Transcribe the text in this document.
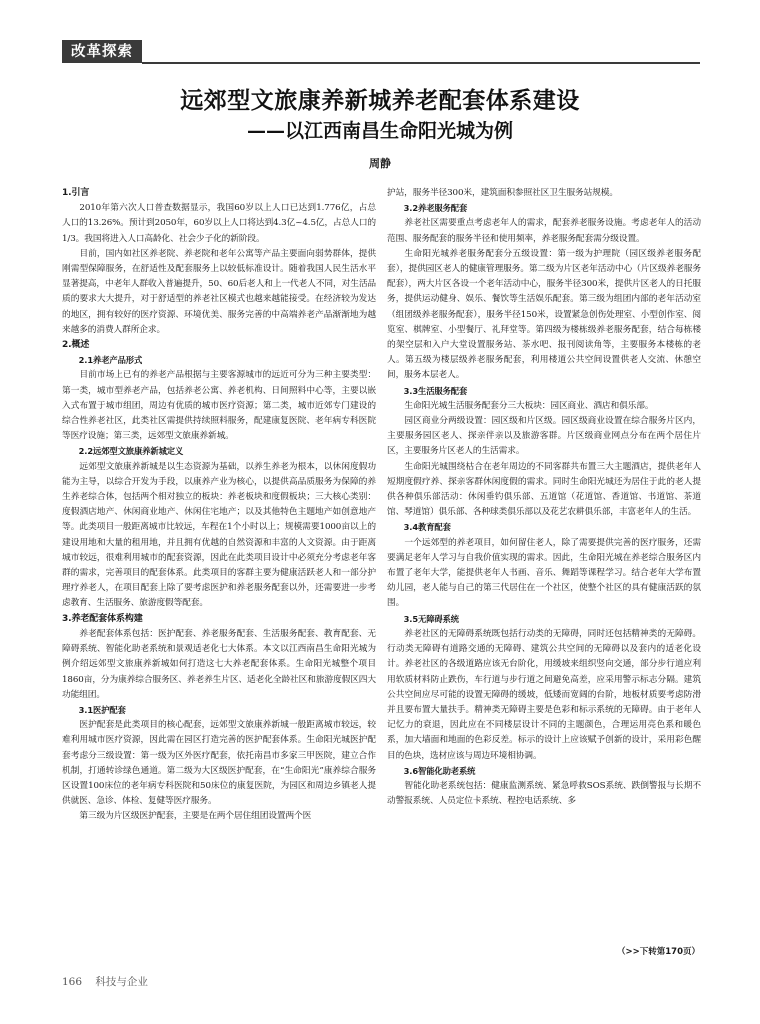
改革探索
远郊型文旅康养新城养老配套体系建设
——以江西南昌生命阳光城为例
周静
1.引言

2010年第六次人口普查数据显示，我国60岁以上人口已达到1.776亿，占总人口的13.26%。预计到2050年，60岁以上人口将达到4.3亿~4.5亿，占总人口的1/3。我国将进入人口高龄化、社会少子化的新阶段。

目前，国内如社区养老院、养老院和老年公寓等产品主要面向弱势群体，提供刚需型保障服务，在舒适性及配套服务上以较低标准设计。随着我国人民生活水平显著提高，中老年人群收入普遍提升，50、60后老人和上一代老人不同，对生活品质的要求大大提升，对于舒适型的养老社区模式也越来越能接受。在经济较为发达的地区，拥有较好的医疗资源、环境优美、服务完善的中高端养老产品渐渐地为越来越多的消费人群所企求。

2.概述
2.1养老产品形式

目前市场上已有的养老产品根据与主要客源城市的远近可分为三种主要类型：第一类，城市型养老产品，包括养老公寓、养老机构、日间照料中心等，主要以嵌入式布置于城市组团，周边有优质的城市医疗资源；第二类，城市近郊专门建设的综合性养老社区，此类社区需提供持续照料服务，配建康复医院、老年病专科医院等医疗设施；第三类，远郊型文旅康养新城。

2.2远郊型文旅康养新城定义

远郊型文旅康养新城是以生态资源为基础，以养生养老为根本，以休闲度假功能为主导，以综合开发为手段，以康养产业为核心，以提供高品质服务为保障的养生养老综合体，包括两个相对独立的板块：养老板块和度假板块；三大核心类别：度假酒店地产、休闲商业地产、休闲住宅地产；以及其他特色主题地产如创意地产等。此类项目一般距离城市比较远，车程在1个小时以上；规模需要1000亩以上的建设用地和大量的租用地，并且拥有优越的自然资源和丰富的人文资源。由于距离城市较远，很难利用城市的配套资源，因此在此类项目设计中必须充分考虑老年客群的需求，完善项目的配套体系。此类项目的客群主要为健康活跃老人和一部分护理疗养老人，在项目配套上除了要考虑医护和养老服务配套以外，还需要进一步考虑教育、生活服务、旅游度假等配套。

3.养老配套体系构建

养老配套体系包括：医护配套、养老服务配套、生活服务配套、教育配套、无障碍系统、智能化助老系统和景观适老化七大体系。本文以江西南昌生命阳光城为例介绍远郊型文旅康养新城如何打造这七大养老配套体系。生命阳光城整个项目1860亩，分为康养综合服务区、养老养生片区、适老化全龄社区和旅游度假区四大功能组团。

3.1医护配套

医护配套是此类项目的核心配套，远郊型文旅康养新城一般距离城市较远，较难利用城市医疗资源，因此需在园区打造完善的医护配套体系。生命阳光城医护配套考虑分三级设置：第一级为区外医疗配套，依托南昌市多家三甲医院，建立合作机制，打通转诊绿色通道。第二级为大区级医护配套，在“生命阳光”康养综合服务区设置100床位的老年病专科医院和50床位的康复医院，为园区和周边乡镇老人提供就医、急诊、体检、复健等医疗服务。

第三级为片区级医护配套，主要是在两个居住组团设置两个医

护站，服务半径300米，建筑面积参照社区卫生服务站规模。

3.2养老服务配套

养老社区需要重点考虑老年人的需求，配套养老服务设施。考虑老年人的活动范围、服务配套的服务半径和使用频率，养老服务配套需分级设置。

生命阳光城养老服务配套分五级设置：第一级为护理院（园区级养老服务配套），提供园区老人的健康管理服务。第二级为片区老年活动中心（片区级养老服务配套），两大片区各设一个老年活动中心，服务半径300米，提供片区老人的日托服务，提供运动健身、娱乐、餐饮等生活娱乐配套。第三级为组团内部的老年活动室（组团级养老服务配套），服务半径150米，设置紧急创伤处理室、小型创作室、阅览室、棋牌室、小型餐厅、礼拜堂等。第四级为楼栋级养老服务配套，结合每栋楼的架空层和入户大堂设置服务站、茶水吧、报刊阅读角等，主要服务本楼栋的老人。第五级为楼层级养老服务配套，利用楼道公共空间设置供老人交流、休憩空间，服务本层老人。

3.3生活服务配套

生命阳光城生活服务配套分三大板块：园区商业、酒店和俱乐部。

园区商业分两级设置：园区级和片区级。园区级商业设置在综合服务片区内，主要服务园区老人、探亲伴亲以及旅游客群。片区级商业网点分布在两个居住片区，主要服务片区老人的生活需求。

生命阳光城围绕枯合在老年周边的不同客群共布置三大主题酒店，提供老年人短期度假疗养、探亲客群休闲度假的需求。同时生命阳光城还为居住于此的老人提供各种俱乐部活动：休闲垂钓俱乐部、五道馆（花道馆、香道馆、书道馆、茶道馆、琴道馆）俱乐部、各种球类俱乐部以及花艺农耕俱乐部，丰富老年人的生活。

3.4教育配套

一个远郊型的养老项目，如何留住老人，除了需要提供完善的医疗服务，还需要满足老年人学习与自我价值实现的需求。因此，生命阳光城在养老综合服务区内布置了老年大学，能提供老年人书画、音乐、舞蹈等课程学习。结合老年大学布置幼儿园，老人能与自己的第三代居住在一个社区，使整个社区的具有健康活跃的氛围。

3.5无障碍系统

养老社区的无障碍系统既包括行动类的无障碍，同时还包括精神类的无障碍。行动类无障碍有道路交通的无障碍、建筑公共空间的无障碍以及套内的适老化设计。养老社区的各级道路应该无台阶化，用缓坡来组织竖向交通，部分步行道应利用软质材料防止跌伤，车行道与步行道之间避免高差，应采用警示标志分隔。建筑公共空间应尽可能的设置无障碍的缓坡，低矮而宽阔的台阶，地板材质要考虑防滑并且要布置大量扶手。精神类无障碍主要是色彩和标示系统的无障碍。由于老年人记忆力的衰退，因此应在不同楼层设计不同的主题颜色，合理运用亮色系和暖色系，加大墙面和地面的色彩反差。标示的设计上应该赋予创新的设计，采用彩色醒目的色块，选材应该与周边环境相协调。

3.6智能化助老系统

智能化助老系统包括：健康监测系统、紧急呼救SOS系统、跌倒警报与长期不动警报系统、人员定位卡系统、程控电话系统、多

（>>下转第170页）
166 科技与企业
